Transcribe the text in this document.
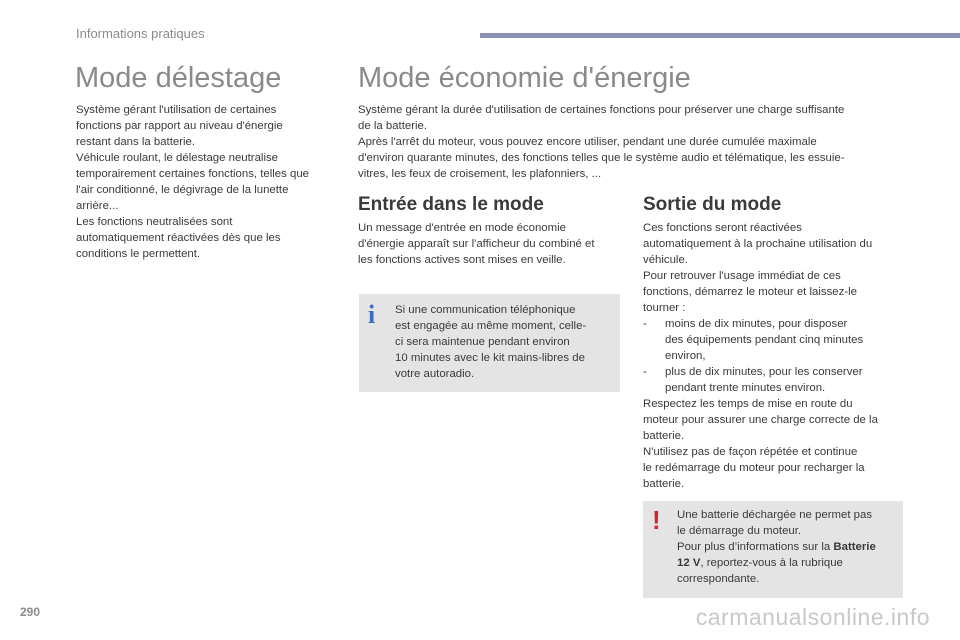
Informations pratiques
Mode délestage	Mode économie d'énergie

Système gérant l'utilisation de certaines
fonctions par rapport au niveau d'énergie
restant dans la batterie.
Véhicule roulant, le délestage neutralise
temporairement certaines fonctions, telles que
l'air conditionné, le dégivrage de la lunette
arrière...
Les fonctions neutralisées sont
automatiquement réactivées dès que les
conditions le permettent.

Système gérant la durée d'utilisation de certaines fonctions pour préserver une charge suffisante
de la batterie.
Après l'arrêt du moteur, vous pouvez encore utiliser, pendant une durée cumulée maximale
d'environ quarante minutes, des fonctions telles que le système audio et télématique, les essuie-
vitres, les feux de croisement, les plafonniers, ...

Entrée dans le mode	Sortie du mode

Un message d'entrée en mode économie
d'énergie apparaît sur l'afficheur du combiné et
les fonctions actives sont mises en veille.

i Si une communication téléphonique
est engagée au même moment, celle-
ci sera maintenue pendant environ
10 minutes avec le kit mains-libres de
votre autoradio.

Ces fonctions seront réactivées
automatiquement à la prochaine utilisation du
véhicule.
Pour retrouver l'usage immédiat de ces
fonctions, démarrez le moteur et laissez-le
tourner :
-	moins de dix minutes, pour disposer
des équipements pendant cinq minutes
environ,
-	plus de dix minutes, pour les conserver
pendant trente minutes environ.
Respectez les temps de mise en route du
moteur pour assurer une charge correcte de la
batterie.
N'utilisez pas de façon répétée et continue
le redémarrage du moteur pour recharger la
batterie.
! Une batterie déchargée ne permet pas
le démarrage du moteur.
Pour plus d’informations sur la Batterie
12 V, reportez-vous à la rubrique
correspondante.

290	carmanualsonline.info
